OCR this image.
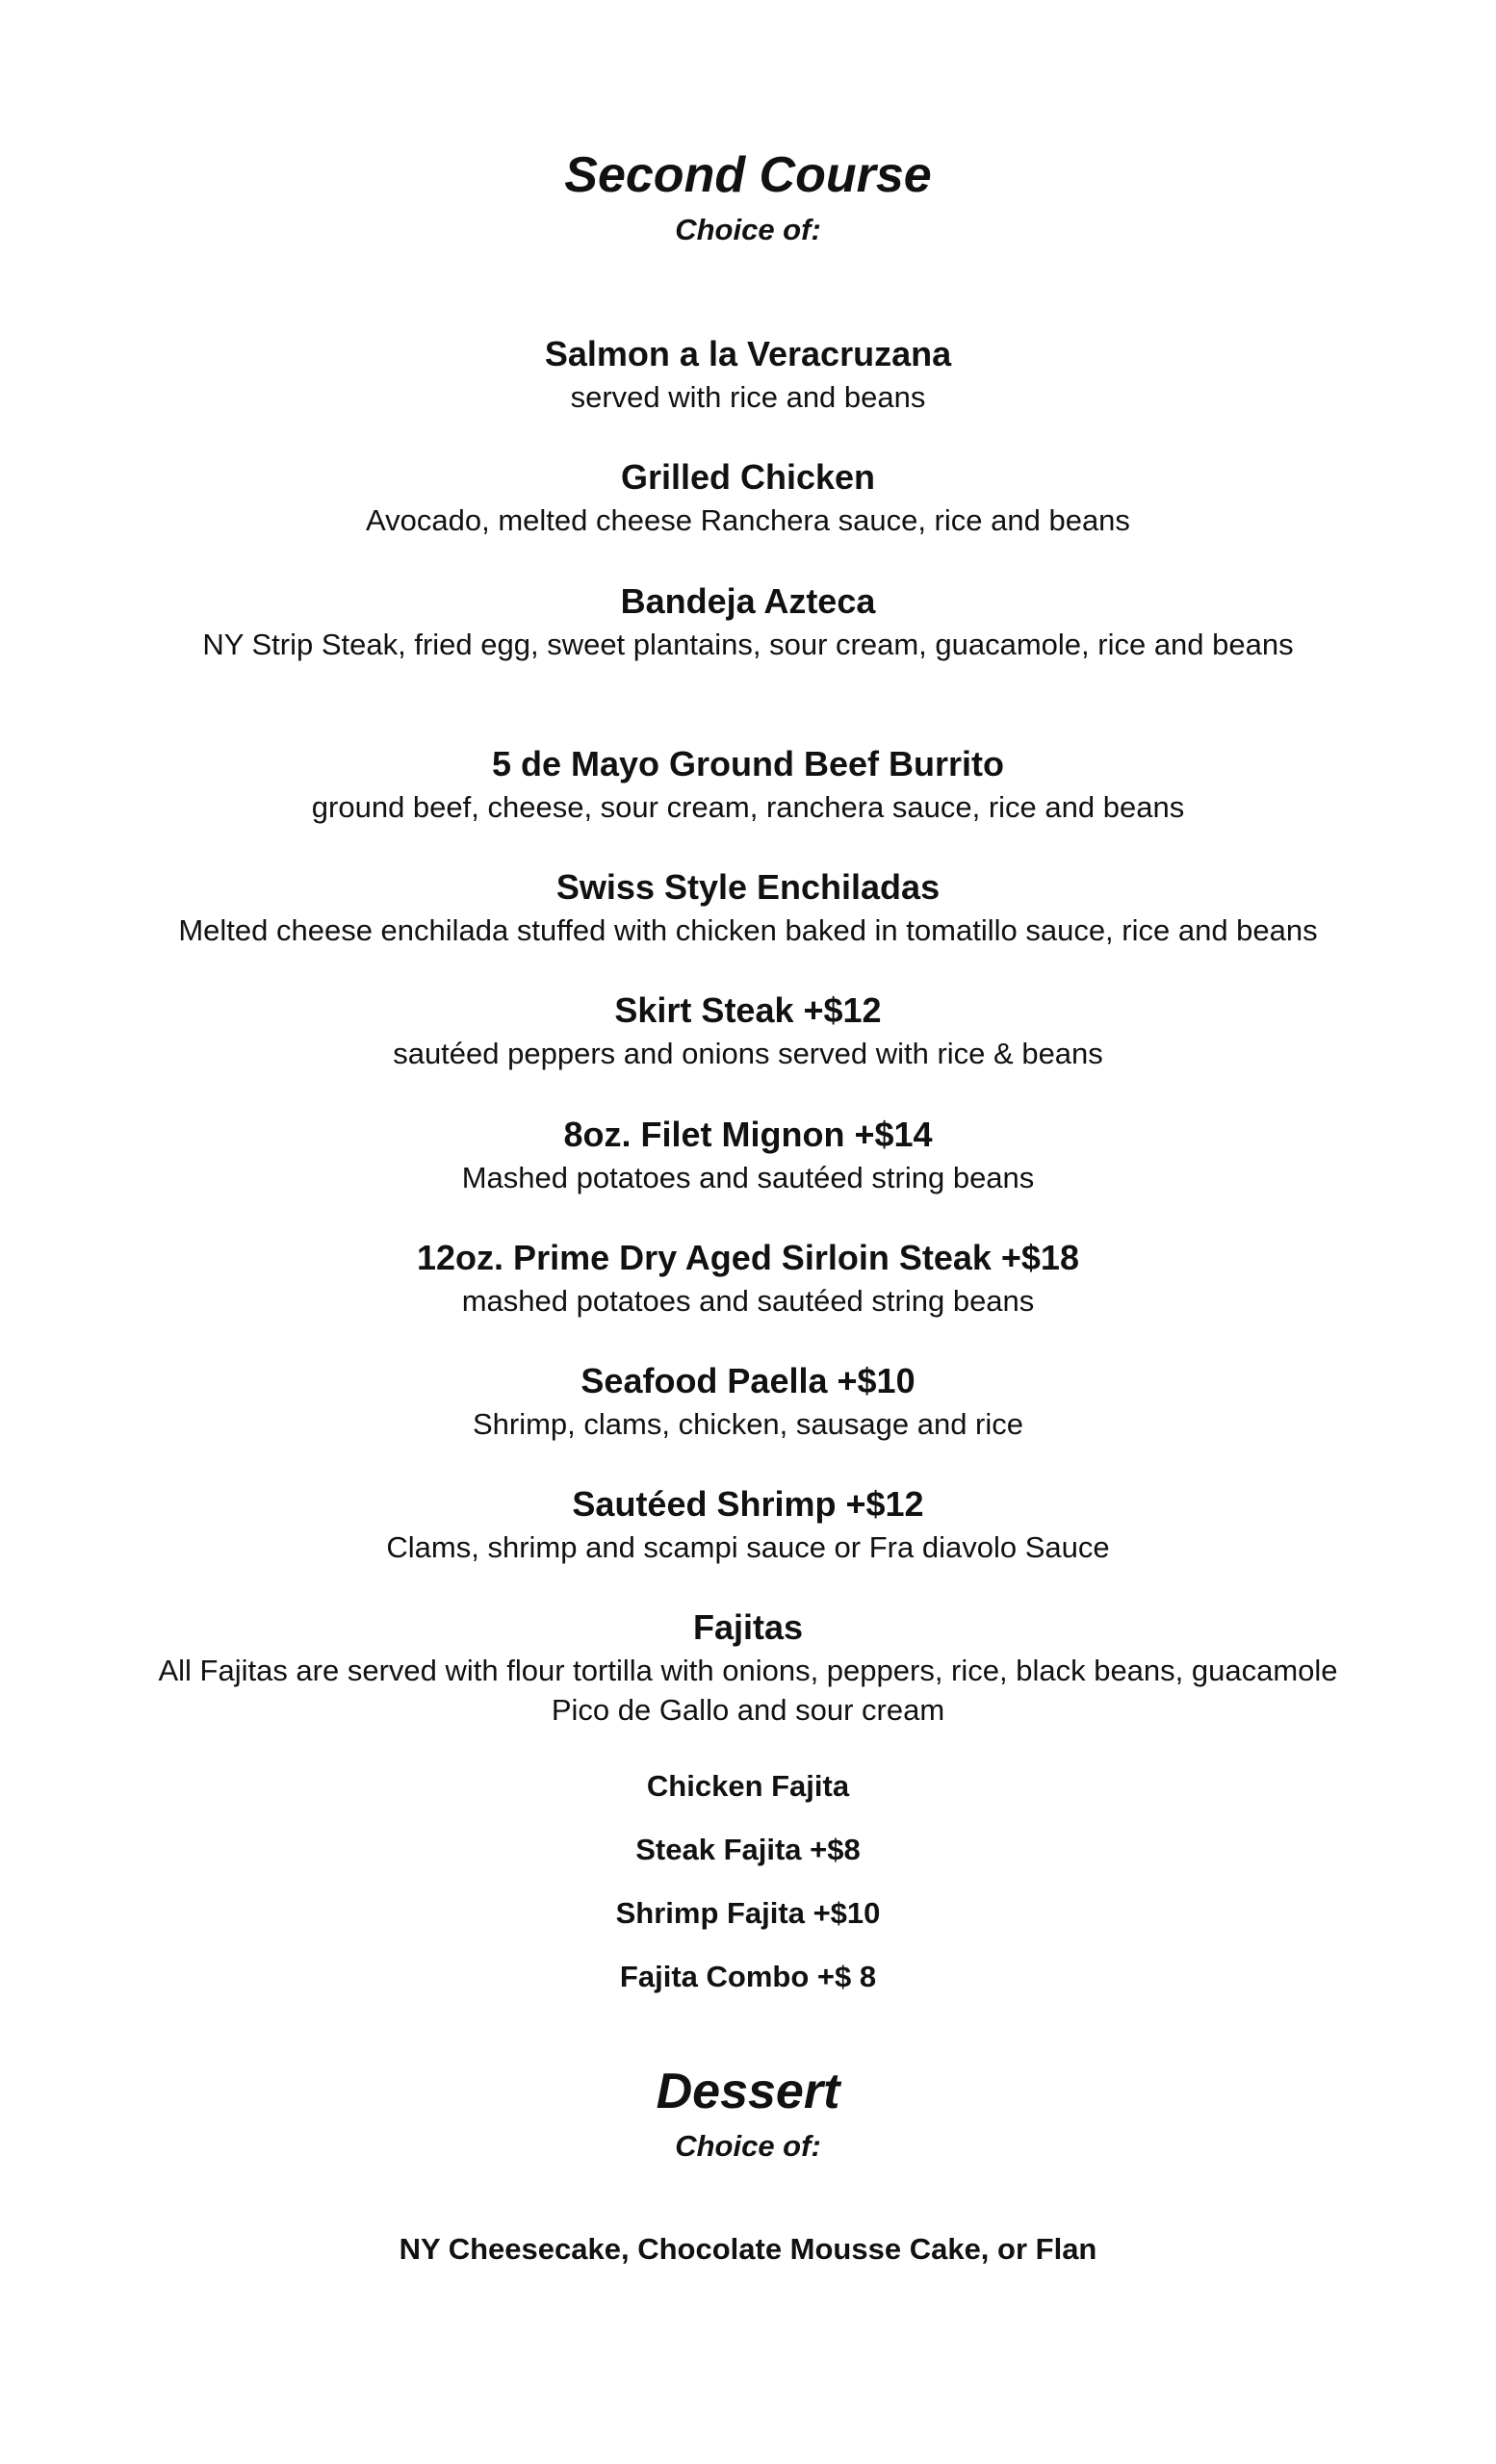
Second Course
Choice of:
Salmon a la Veracruzana
served with rice and beans
Grilled Chicken
Avocado, melted cheese Ranchera sauce, rice and beans
Bandeja Azteca
NY Strip Steak, fried egg, sweet plantains, sour cream, guacamole, rice and beans
5 de Mayo Ground Beef Burrito
ground beef, cheese, sour cream, ranchera sauce, rice and beans
Swiss Style Enchiladas
Melted cheese enchilada stuffed with chicken baked in tomatillo sauce, rice and beans
Skirt Steak +$12
sautéed peppers and onions served with rice & beans
8oz. Filet Mignon +$14
Mashed potatoes and sautéed string beans
12oz. Prime Dry Aged Sirloin Steak +$18
mashed potatoes and sautéed string beans
Seafood Paella +$10
Shrimp, clams, chicken, sausage and rice
Sautéed Shrimp +$12
Clams, shrimp and scampi sauce or Fra diavolo Sauce
Fajitas
All Fajitas are served with flour tortilla with onions, peppers, rice, black beans, guacamole
Pico de Gallo and sour cream
Chicken Fajita
Steak Fajita +$8
Shrimp Fajita +$10
Fajita Combo +$ 8
Dessert
Choice of:
NY Cheesecake, Chocolate Mousse Cake, or Flan
